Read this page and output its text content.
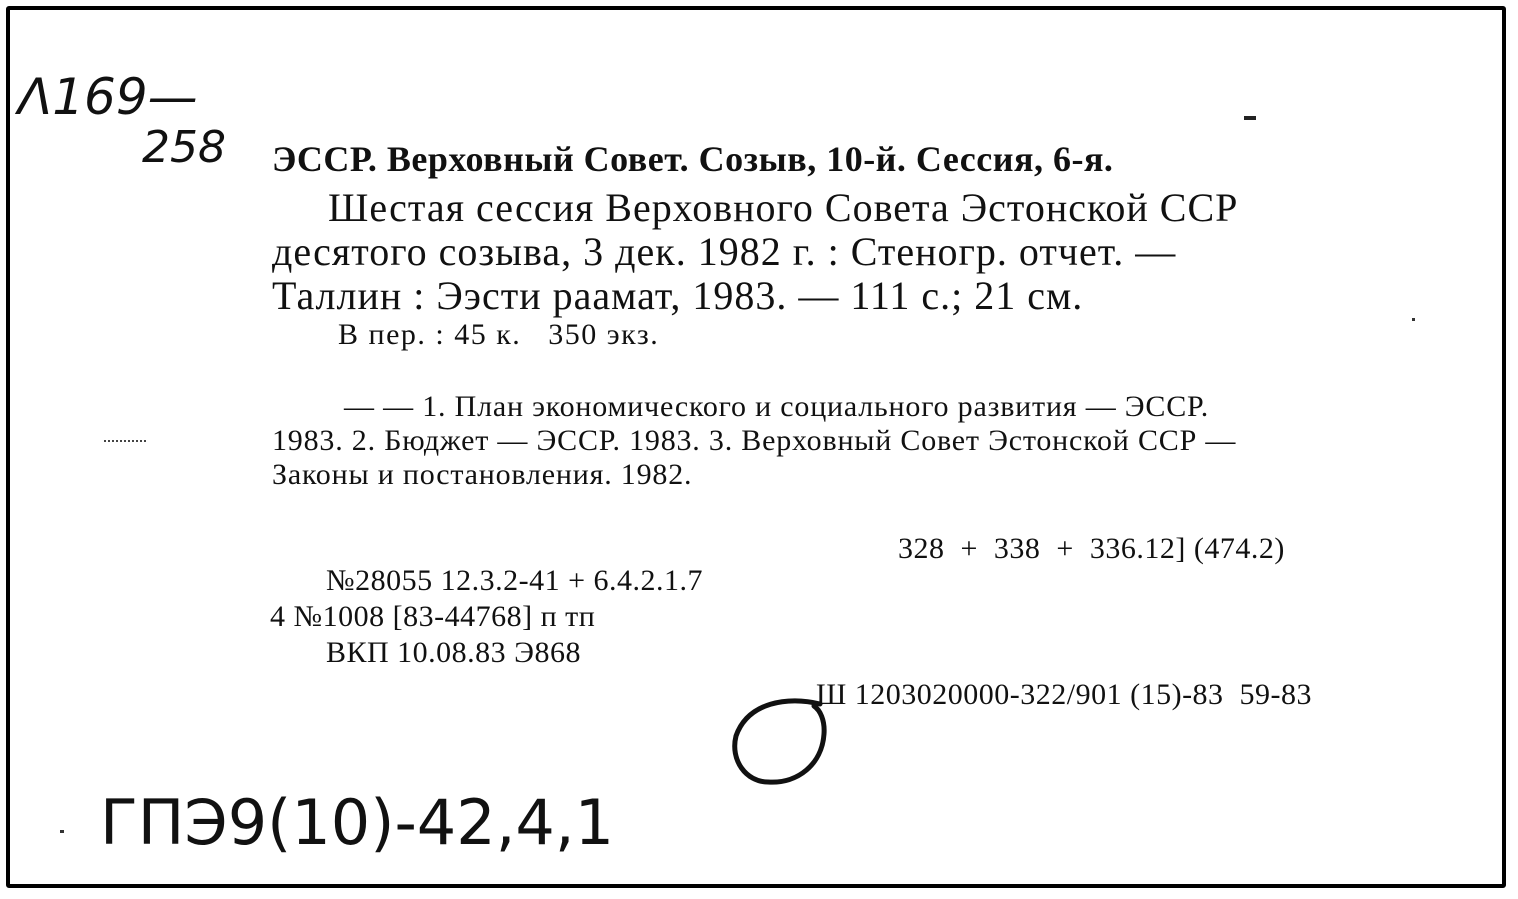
Λ169—
258 ЭССР. Верховный Совет. Созыв, 10-й. Сессия, 6-я.
Шестая сессия Верховного Совета Эстонской ССР
десятого созыва, 3 дек. 1982 г. : Стеногр. отчет. —
Таллин : Ээсти раамат, 1983. — 111 с.; 21 см.
В пер. : 45 к.   350 экз.
— — 1. План экономического и социального развития — ЭССР.
1983. 2. Бюджет — ЭССР. 1983. 3. Верховный Совет Эстонской ССР —
Законы и постановления. 1982.
328  +  338  +  336.12] (474.2)
№28055 12.3.2-41 + 6.4.2.1.7
4 №1008 [83-44768] п тп
ВКП 10.08.83 Э868
Ш 1203020000-322/901 (15)-83  59-83
ГПЭ9(10)-42,4,1
